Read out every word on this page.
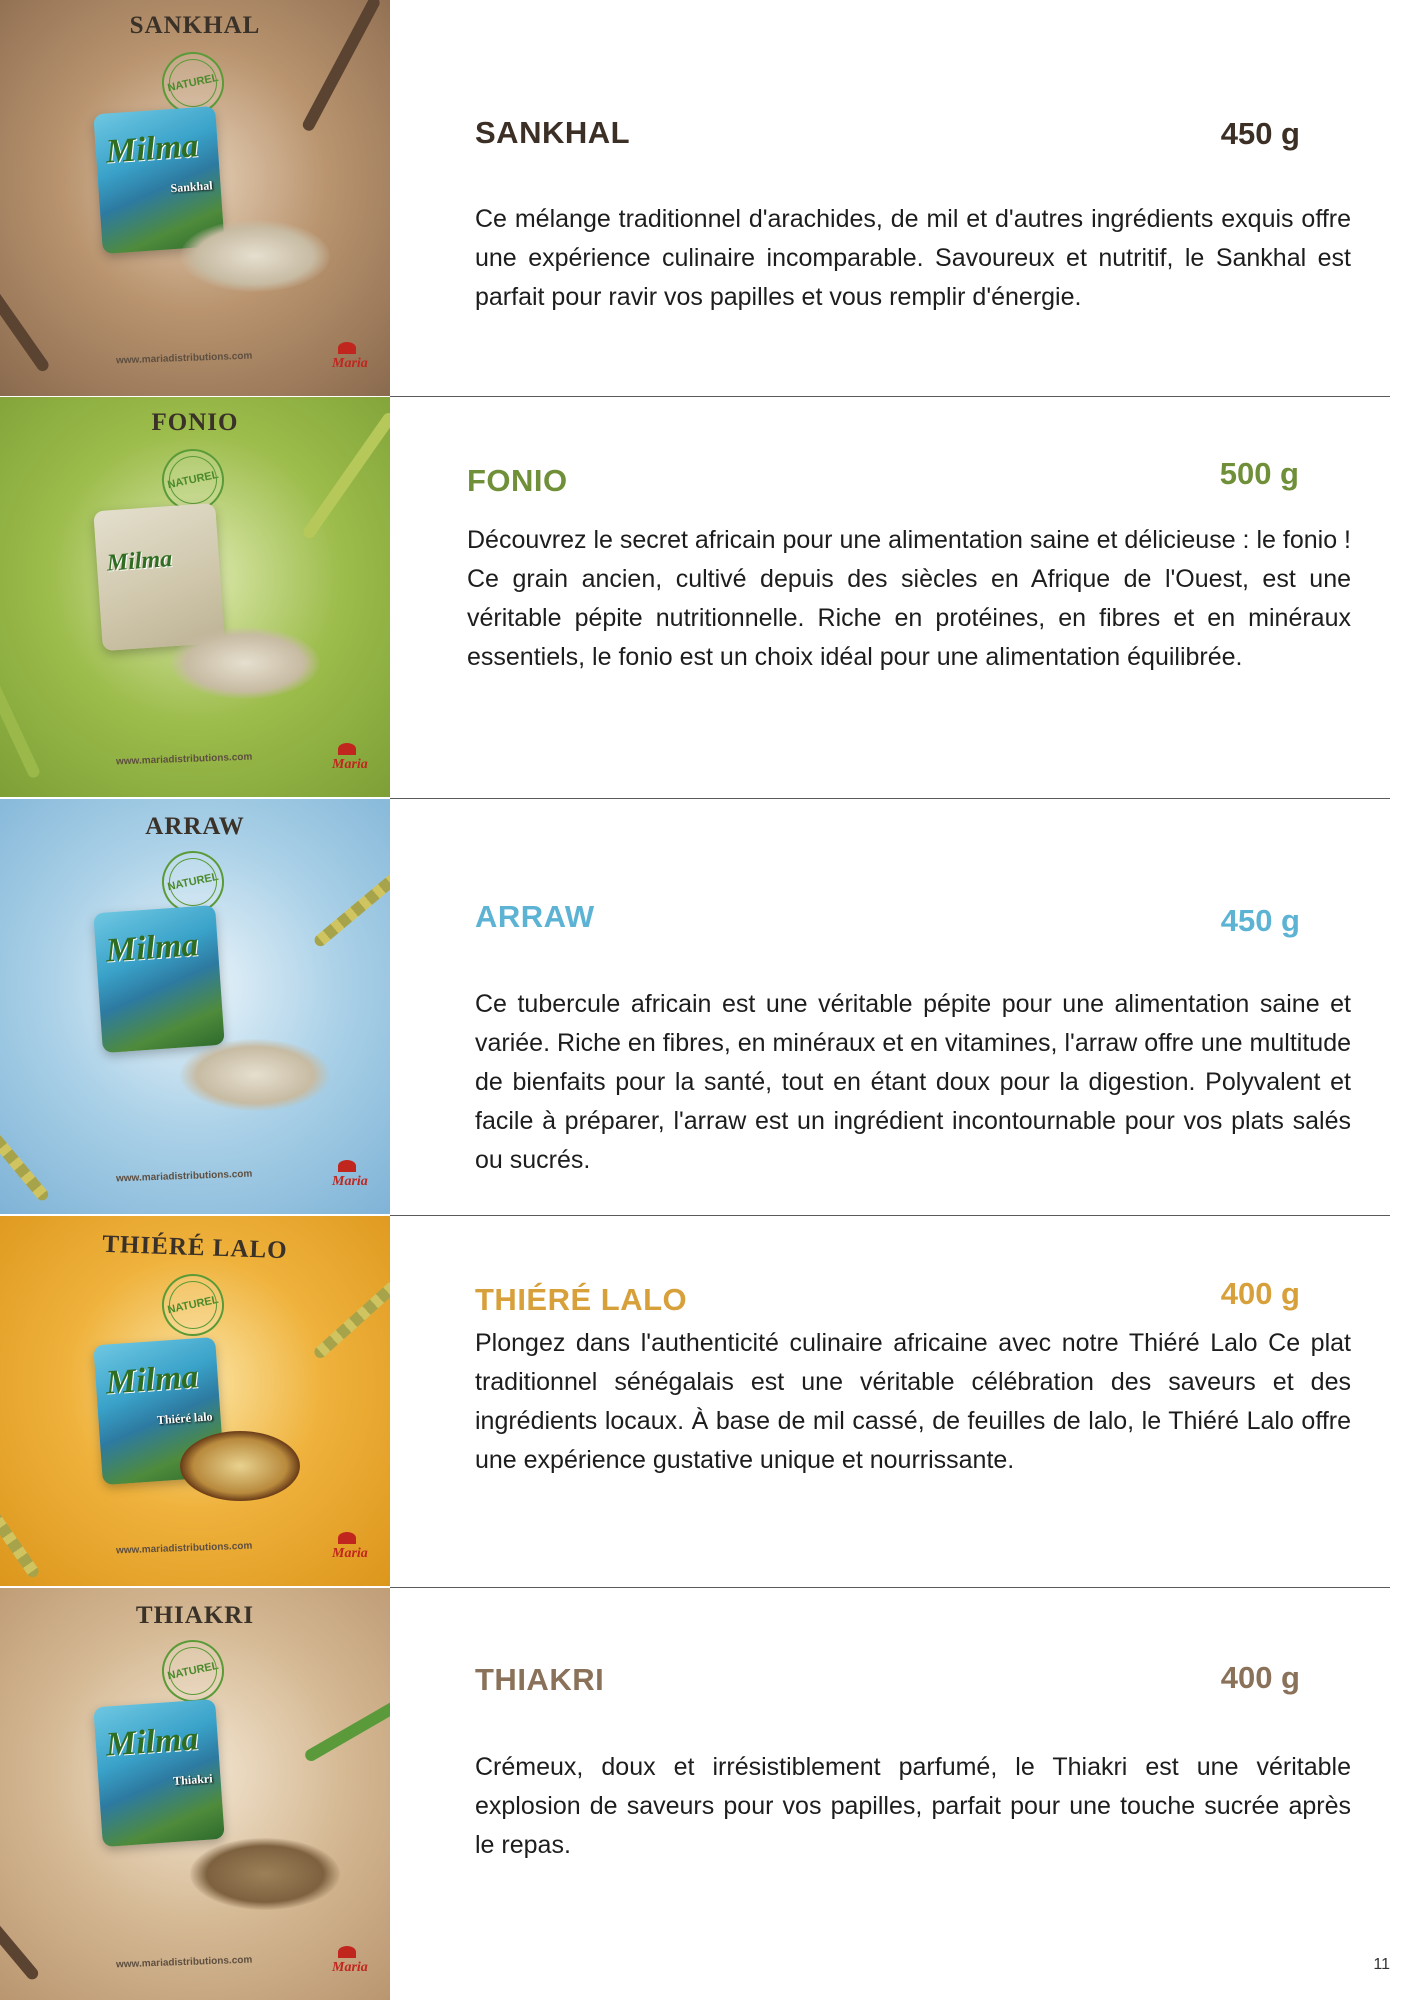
SANKHAL
NATUREL
Milma
Sankhal
www.mariadistributions.com	Maria
SANKHAL	450 g
Ce mélange traditionnel d'arachides, de mil et d'autres ingrédients exquis offre une expérience culinaire incomparable. Savoureux et nutritif, le Sankhal est parfait pour ravir vos papilles et vous remplir d'énergie.
FONIO
NATUREL
Milma
www.mariadistributions.com	Maria
FONIO	500 g
Découvrez le secret africain pour une alimentation saine et délicieuse : le fonio ! Ce grain ancien, cultivé depuis des siècles en Afrique de l'Ouest, est une véritable pépite nutritionnelle. Riche en protéines, en fibres et en minéraux essentiels, le fonio est un choix idéal pour une alimentation équilibrée.
ARRAW
NATUREL
Milma
www.mariadistributions.com	Maria
ARRAW	450 g
Ce tubercule africain est une véritable pépite pour une alimentation saine et variée. Riche en fibres, en minéraux et en vitamines, l'arraw offre une multitude de bienfaits pour la santé, tout en étant doux pour la digestion. Polyvalent et facile à préparer, l'arraw est un ingrédient incontournable pour vos plats salés ou sucrés.
THIÉRÉ LALO
NATUREL
Milma
Thiéré lalo
www.mariadistributions.com	Maria
THIÉRÉ LALO	400 g
Plongez dans l'authenticité culinaire africaine avec notre Thiéré Lalo Ce plat traditionnel sénégalais est une véritable célébration des saveurs et des ingrédients locaux. À base de mil cassé, de feuilles de lalo, le Thiéré Lalo offre une expérience gustative unique et nourrissante.
THIAKRI
NATUREL
Milma
Thiakri
www.mariadistributions.com	Maria
THIAKRI	400 g
Crémeux, doux et irrésistiblement parfumé, le Thiakri est une véritable explosion de saveurs pour vos papilles, parfait pour une touche sucrée après le repas.
11
